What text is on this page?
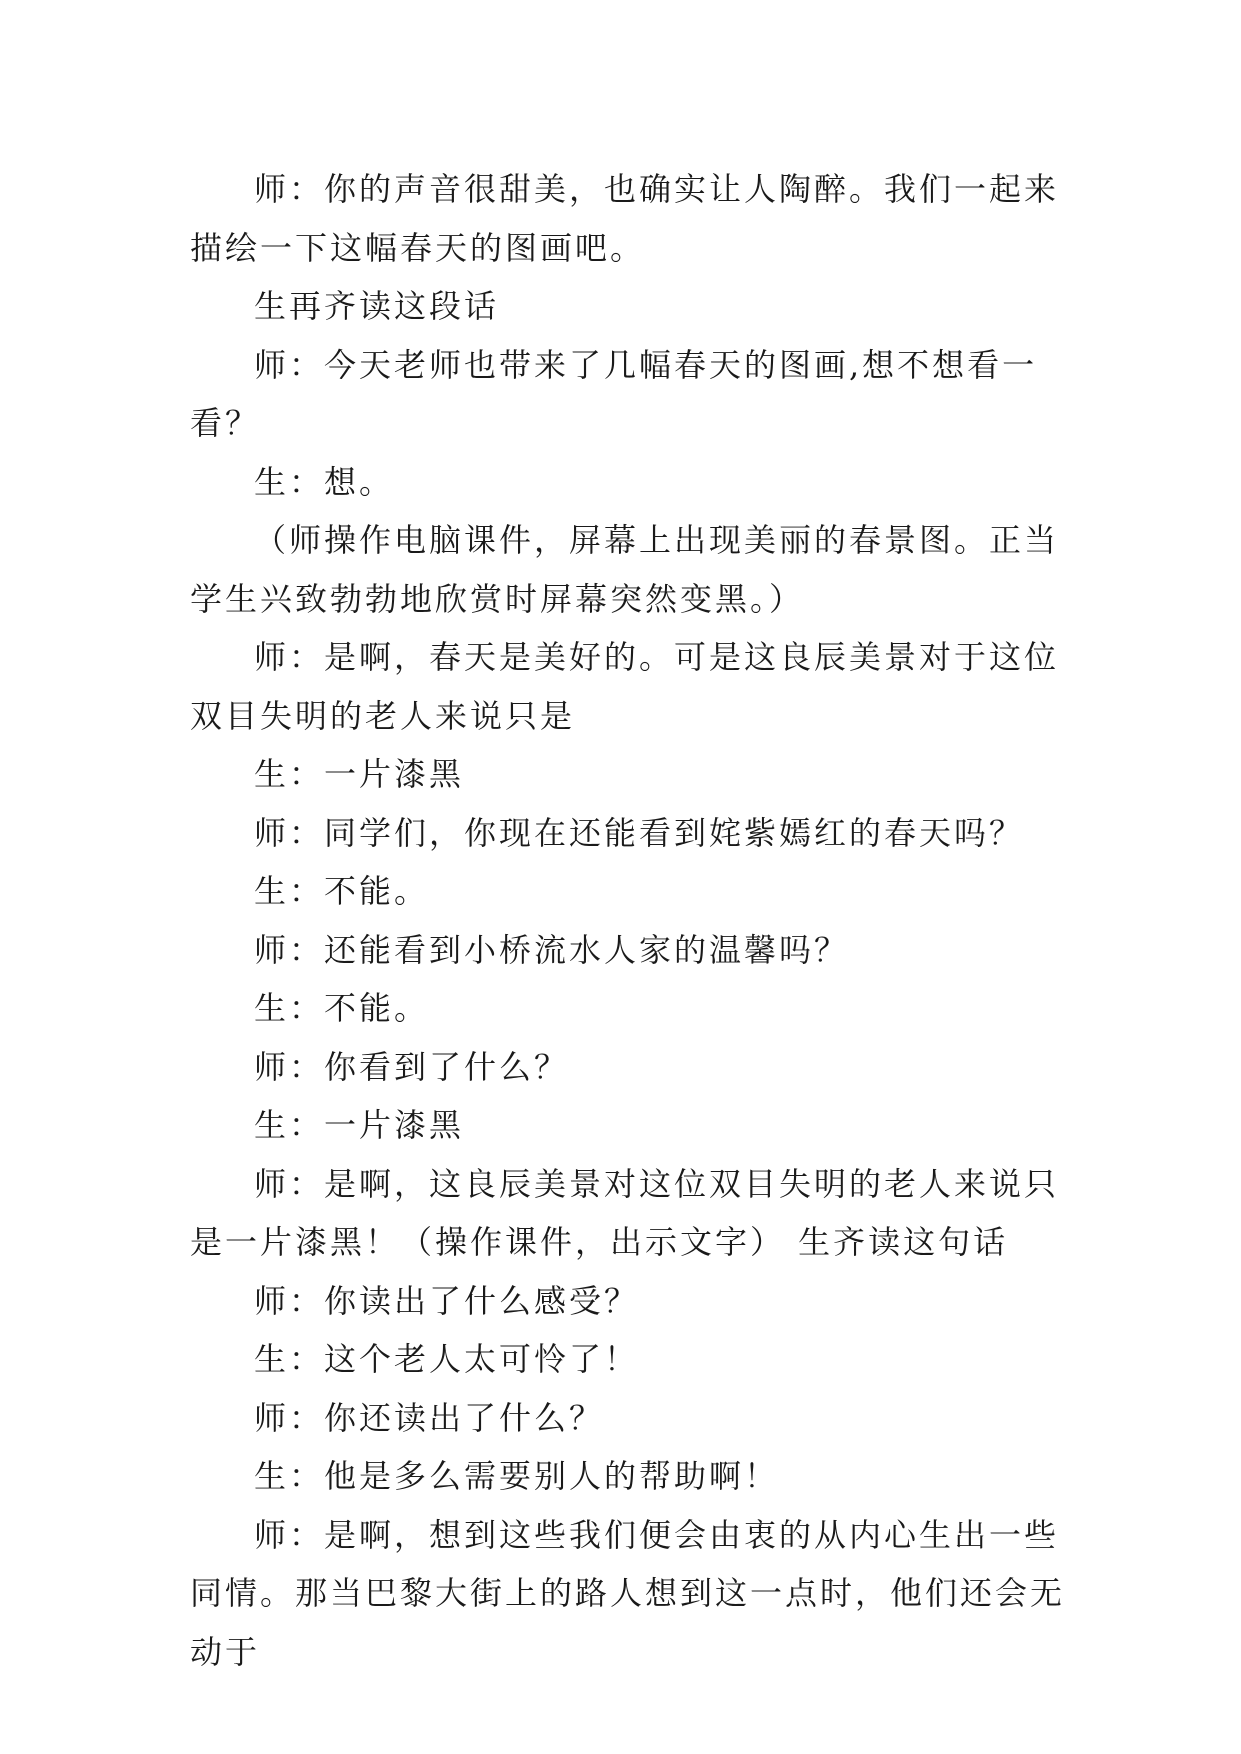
师：你的声音很甜美，也确实让人陶醉。我们一起来描绘一下这幅春天的图画吧。

生再齐读这段话

师：今天老师也带来了几幅春天的图画,想不想看一看？

生：想。

（师操作电脑课件，屏幕上出现美丽的春景图。正当学生兴致勃勃地欣赏时屏幕突然变黑。）

师：是啊，春天是美好的。可是这良辰美景对于这位双目失明的老人来说只是

生：一片漆黑

师：同学们，你现在还能看到姹紫嫣红的春天吗？

生：不能。

师：还能看到小桥流水人家的温馨吗？

生：不能。

师：你看到了什么？

生：一片漆黑

师：是啊，这良辰美景对这位双目失明的老人来说只是一片漆黑！（操作课件，出示文字） 生齐读这句话

师：你读出了什么感受？

生：这个老人太可怜了！

师：你还读出了什么？

生：他是多么需要别人的帮助啊！

师：是啊，想到这些我们便会由衷的从内心生出一些同情。那当巴黎大街上的路人想到这一点时，他们还会无动于
